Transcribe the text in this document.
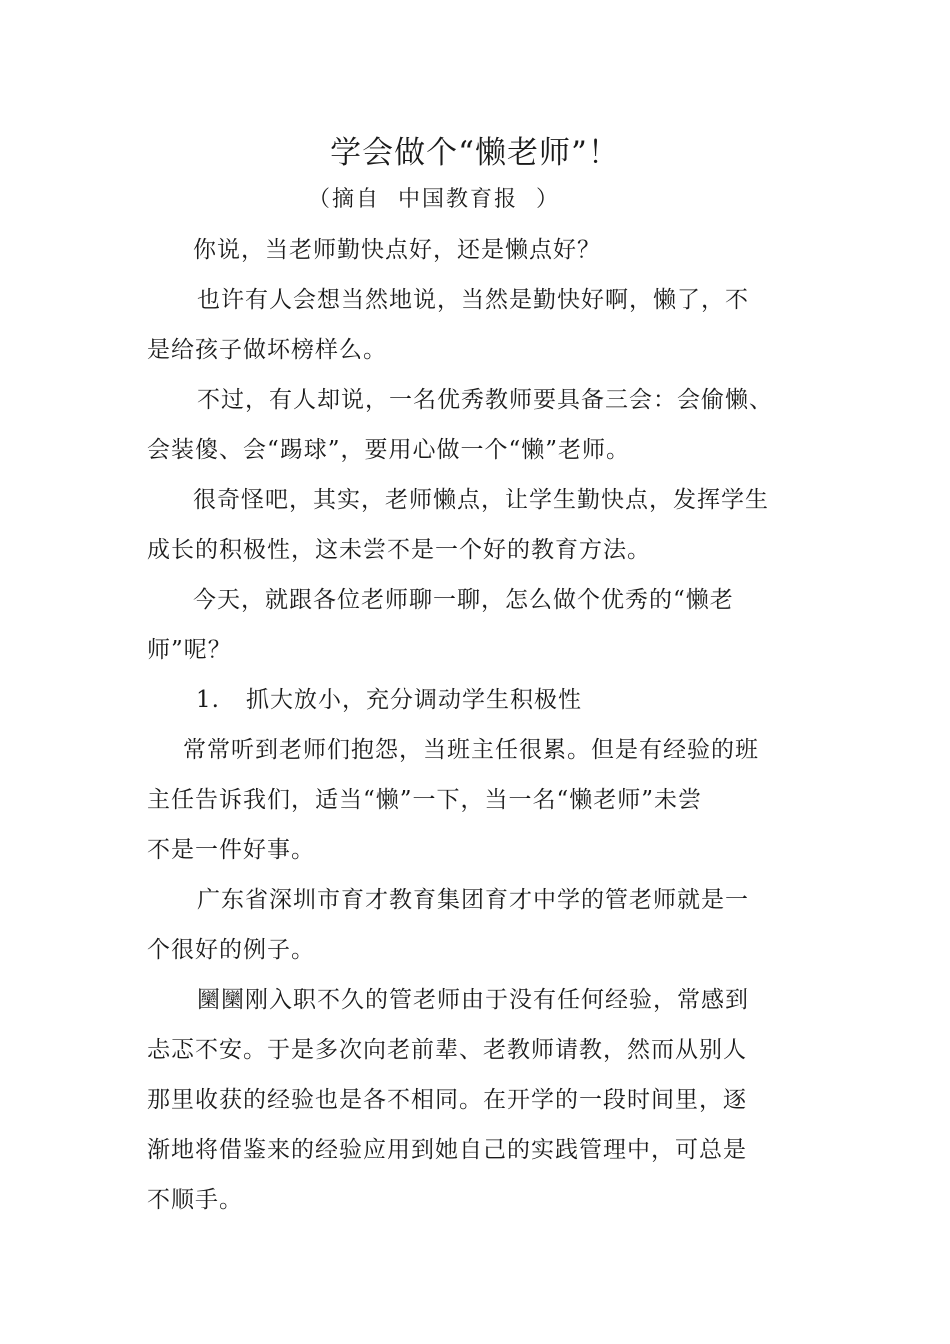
学会做个“懒老师”！
（摘自  中国教育报  ）
你说，当老师勤快点好，还是懒点好？
也许有人会想当然地说，当然是勤快好啊，懒了，不
是给孩子做坏榜样么。
不过，有人却说，一名优秀教师要具备三会：会偷懒、
会装傻、会“踢球”，要用心做一个“懒”老师。
很奇怪吧，其实，老师懒点，让学生勤快点，发挥学生
成长的积极性，这未尝不是一个好的教育方法。
今天，就跟各位老师聊一聊，怎么做个优秀的“懒老
师”呢？
1. 抓大放小，充分调动学生积极性
常常听到老师们抱怨，当班主任很累。但是有经验的班
主任告诉我们，适当“懒”一下，当一名“懒老师”未尝
不是一件好事。
广东省深圳市育才教育集团育才中学的管老师就是一
个很好的例子。
圞圞刚入职不久的管老师由于没有任何经验，常感到
忐忑不安。于是多次向老前辈、老教师请教，然而从别人
那里收获的经验也是各不相同。在开学的一段时间里，逐
渐地将借鉴来的经验应用到她自己的实践管理中，可总是
不顺手。
